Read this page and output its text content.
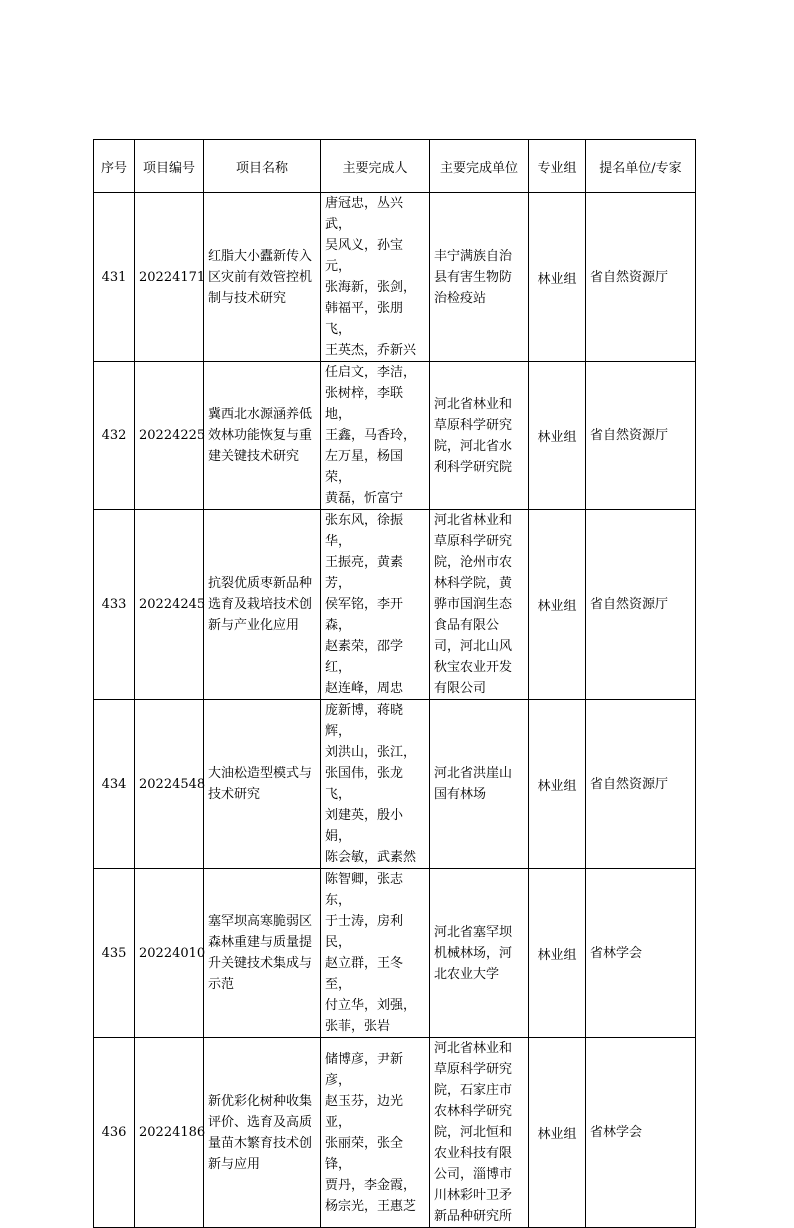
序号	项目编号	项目名称	主要完成人	主要完成单位	专业组	提名单位/专家
431	20224171	红脂大小蠹新传入区灾前有效管控机制与技术研究	唐冠忠，丛兴武，
吴风义，孙宝元，
张海新，张剑，
韩福平，张朋飞，
王英杰，乔新兴	丰宁满族自治县有害生物防治检疫站	林业组	省自然资源厅
432	20224225	冀西北水源涵养低效林功能恢复与重建关键技术研究	任启文，李洁，
张树梓，李联地，
王鑫，马香玲，
左万星，杨国荣，
黄磊，忻富宁	河北省林业和草原科学研究院，河北省水利科学研究院	林业组	省自然资源厅
433	20224245	抗裂优质枣新品种选育及栽培技术创新与产业化应用	张东风，徐振华，
王振亮，黄素芳，
侯军铭，李开森，
赵素荣，邵学红，
赵连峰，周忠	河北省林业和草原科学研究院，沧州市农林科学院，黄骅市国润生态食品有限公司，河北山风秋宝农业开发有限公司	林业组	省自然资源厅
434	20224548	大油松造型模式与技术研究	庞新博，蒋晓辉，
刘洪山，张江，
张国伟，张龙飞，
刘建英，殷小娟，
陈会敏，武素然	河北省洪崖山国有林场	林业组	省自然资源厅
435	20224010	塞罕坝高寒脆弱区森林重建与质量提升关键技术集成与示范	陈智卿，张志东，
于士涛，房利民，
赵立群，王冬至，
付立华，刘强，
张菲，张岩	河北省塞罕坝机械林场，河北农业大学	林业组	省林学会
436	20224186	新优彩化树种收集评价、选育及高质量苗木繁育技术创新与应用	储博彦，尹新彦，
赵玉芬，边光亚，
张丽荣，张全锋，
贾丹，李金霞，
杨宗光，王惠芝	河北省林业和草原科学研究院，石家庄市农林科学研究院，河北恒和农业科技有限公司，淄博市川林彩叶卫矛新品种研究所	林业组	省林学会
